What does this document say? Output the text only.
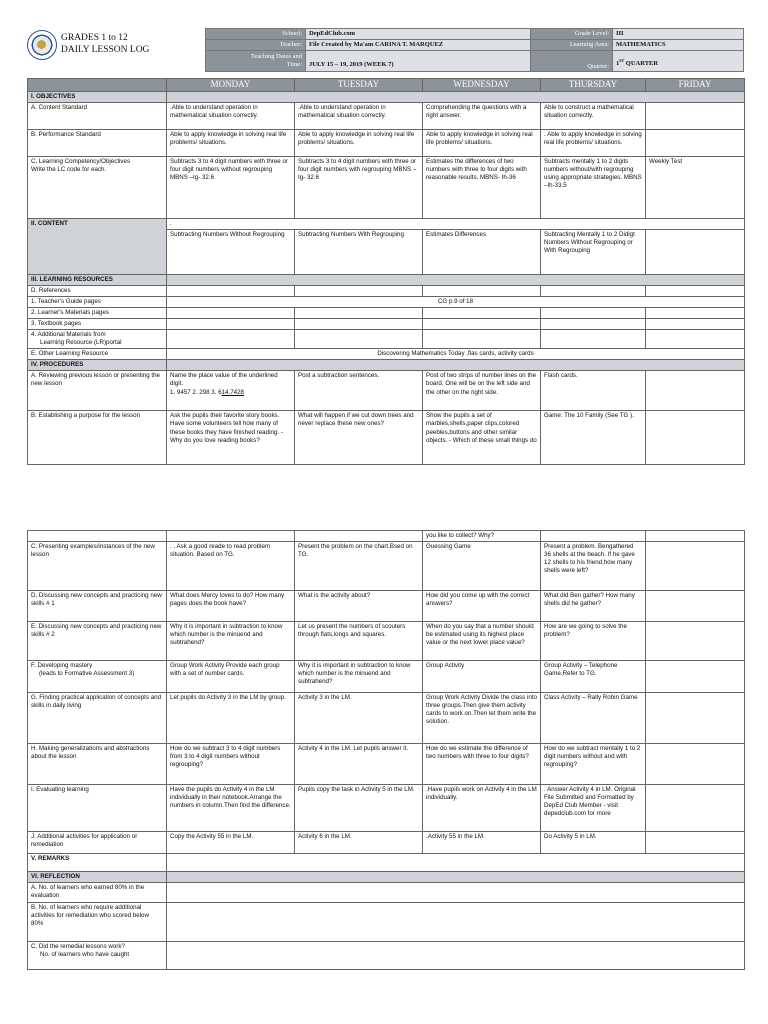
GRADES 1 to 12
DAILY LESSON LOG
School:	DepEdClub.com	Grade Level:	III
Teacher:	File Created by Ma'am CARINA T. MARQUEZ	Learning Area:	MATHEMATICS

Teaching Dates and
Time:	JULY 15 – 19, 2019 (WEEK 7)	Quarter:	1ST QUARTER
	MONDAY	TUESDAY	WEDNESDAY	THURSDAY	FRIDAY
I. OBJECTIVES					
A. Content Standard	.Able to understand operation in mathematical situation correctly.	.Able to understand operation in mathematical situation correctly.	Comprehending the questions with a right answer.	Able to construct a mathematical situation correctly.	
B. Performance Standard	Able to apply knowledge in solving real life problems/ situations.	Able to apply knowledge in solving real life problems/ situations.	Able to apply knowledge in solving real life problems/ situations.	. Able to apply knowledge in solving real life problems/ situations.	

C. Learning Competency/Objectives
Write the LC code for each.	Subtracts 3 to 4 digit numbers with three or four digit numbers without regrouping MBNS –Ig- 32.6	Subtracts 3 to 4 digit numbers with three or four digit numbers with regrouping MBNS –Ig- 32.6	Estimates the differences of two numbers with three to four digits with reasonable results. MBNS- Ih-36	Subtracts mentally 1 to 2 digits numbers without/with regrouping using appropriate strategies. MBNS –Ih-33.5	Weekly Test
II. CONTENT	.				
	Subtracting Numbers Without Regrouping	Subtracting Numbers With Regrouping	Estimates Differences	Subtracting Mentally 1 to 2 Didigt Numbers Without Regrouping or With Regrouping	
III. LEARNING RESOURCES					
D. References					
1. Teacher's Guide pages	CG p.9 of 18				
2. Learner's Materials pages					
3. Textbook pages					

4. Additional Materials from
Learning Resource (LR)portal					

E. Other Learning Resource	Discovering Mathematics Today ,flas cards, activity cards				
IV. PROCEDURES					
A. Reviewing previous lesson or presenting the new lesson	Name the place value of the underlined digit.
1. 9457 2. 298 3. 614.7428	Post a subtraction sentences.	Post of two strips of number lines on the board. One will be on the left side and the other on the right side.	Flash cards.	
B. Establishing a purpose for the lesson	Ask the pupils their favorite story books. Have some volunteers tell how many of these books they have finished reading. - Why do you love reading books?	What will happen if we cut down trees and never replace these new ones?	Show the pupils a set of marbles,shells,paper clips,colored peebles,buttons and other similar objects. - Which of these small things do	Game: The 10 Family (See TG ).	
			you like to collect? Why?		
C. Presenting examples/instances of the new lesson	. . Ask a good reade to read problem situation. Based on TG.	Present the problem on the chart.Bsed on TG.	Guessing Game	Present a problem. Bengathered 36 shells at the beach. If he gave 12 shells to his friend,how many shells were left?	
D. Discussing new concepts and practicing new skills # 1	What does Mercy loves to do? How many pages does the book have?	What is the activity about?	How did you come up with the correct answers?	What did Ben gather? How many shells did he gather?	
E. Discussing new concepts and practicing new skills # 2	Why it is important in subtraction to know which number is the minuend and subtrahend?	Let us present the numbers of scouters through flats,longs and squares.	When do you say that a number should be estimated using its highest place value or the next lower place value?	How are we going to solve the problem?	

F. Developing mastery
(leads to Formative Assessment 3)	Group Work Activity Provide each group with a set of number cards.	Why it is important in subtraction to know which number is the minuend and subtrahend?	Group Activity	Group Activity – Telephone Game.Refer to TG.	
G. Finding practical application of concepts and skills in daily living	Let pupils do Activity 3 in the LM by group.	Activity 3 in the LM.	Group Work Activity Divide the class into three groups.Then give them activity cards to work on.Then let them write the solution.	Class Activity – Rally Robin Game	
H. Making generalizations and abstractions about the lesson	How do we subtract 3 to 4 digit numbers from 3 to 4 digit numbers without regrouping?	Activity 4 in the LM. Let pupils answer it.	How do we estimate the difference of two numbers with three to four digits?	How do we subtract mentally 1 to 2 digit numbers without and with regrouping?	
I. Evaluating learning	Have the pupils do Activity 4 in the LM individually in their notebook.Arrange the numbers in column.Then find the difference.	Pupils copy the task in Activity 5 in the LM.	.Have pupils work on Activity 4 in the LM individually.	. Answer Activity 4 in LM. Original File Submitted and Formatted by DepEd Club Member - visit depedclub.com for more	
J. Additional activities for application or remediation	Copy the Activity 55 in the LM.	Activity 6 in the LM.	.Activity 55 in the LM.	Do Activity 5 in LM.	
V. REMARKS					
VI. REFLECTION					
A. No. of learners who earned 80% in the evaluation					
B. No. of learners who require additional activities for remediation who scored below 80%					

C. Did the remedial lessons work?
No. of learners who have caught					
